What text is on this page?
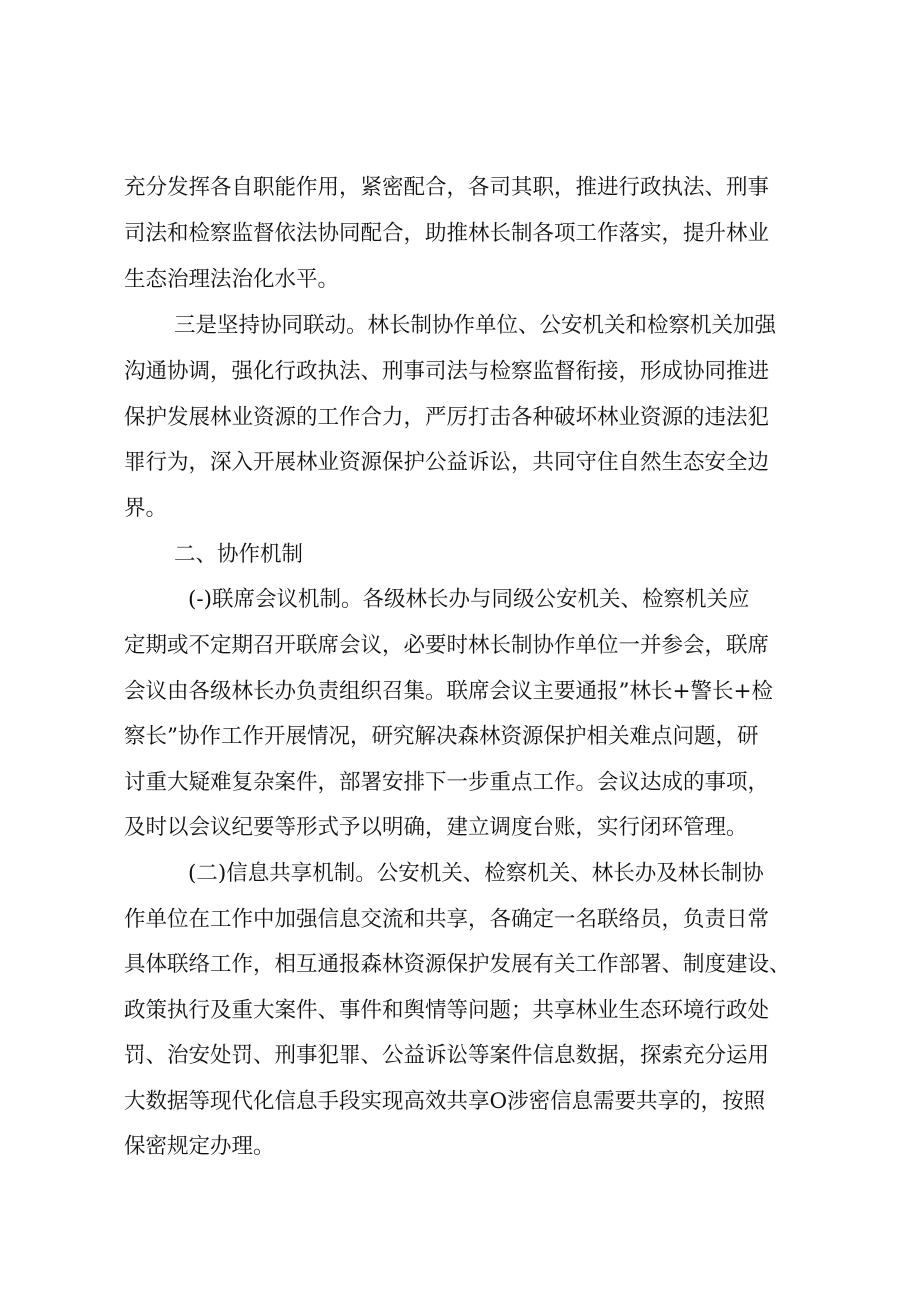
充分发挥各自职能作用，紧密配合，各司其职，推进行政执法、刑事
司法和检察监督依法协同配合，助推林长制各项工作落实，提升林业
生态治理法治化水平。
三是坚持协同联动。林长制协作单位、公安机关和检察机关加强
沟通协调，强化行政执法、刑事司法与检察监督衔接，形成协同推进
保护发展林业资源的工作合力，严厉打击各种破坏林业资源的违法犯
罪行为，深入开展林业资源保护公益诉讼，共同守住自然生态安全边
界。
二、协作机制
(-)联席会议机制。各级林长办与同级公安机关、检察机关应
定期或不定期召开联席会议，必要时林长制协作单位一并参会，联席
会议由各级林长办负责组织召集。联席会议主要通报”林长+警长+检
察长”协作工作开展情况，研究解决森林资源保护相关难点问题，研
讨重大疑难复杂案件，部署安排下一步重点工作。会议达成的事项，
及时以会议纪要等形式予以明确，建立调度台账，实行闭环管理。
(二)信息共享机制。公安机关、检察机关、林长办及林长制协
作单位在工作中加强信息交流和共享，各确定一名联络员，负责日常
具体联络工作，相互通报森林资源保护发展有关工作部署、制度建设、
政策执行及重大案件、事件和舆情等问题；共享林业生态环境行政处
罚、治安处罚、刑事犯罪、公益诉讼等案件信息数据，探索充分运用
大数据等现代化信息手段实现高效共享O涉密信息需要共享的，按照
保密规定办理。
